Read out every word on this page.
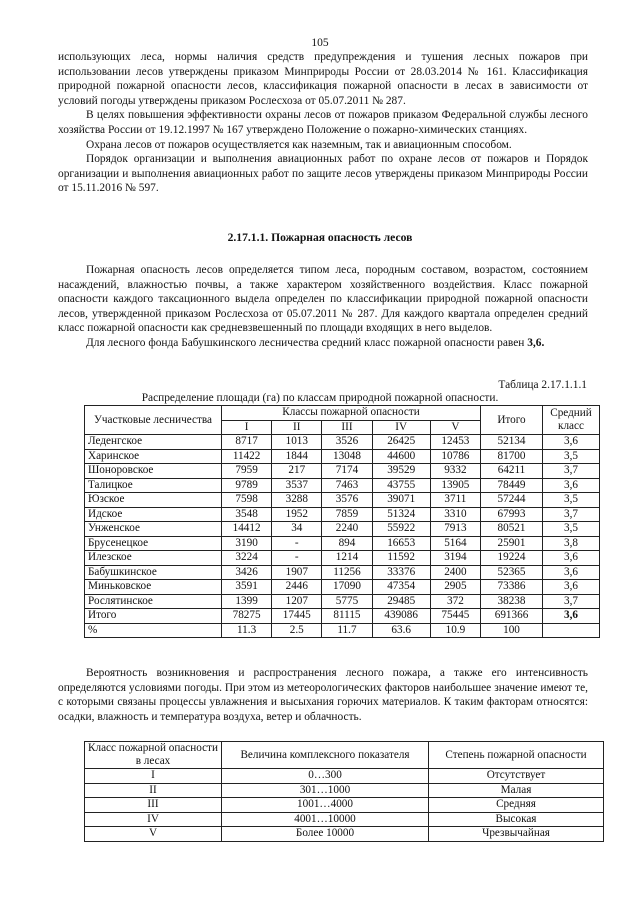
105

использующих леса, нормы наличия средств предупреждения и тушения лесных пожаров при использовании лесов утверждены приказом Минприроды России от 28.03.2014 № 161. Классификация природной пожарной опасности лесов, классификация пожарной опасности в лесах в зависимости от условий погоды утверждены приказом Рослесхоза от 05.07.2011 № 287.

В целях повышения эффективности охраны лесов от пожаров приказом Федеральной службы лесного хозяйства России от 19.12.1997 № 167 утверждено Положение о пожарно-химических станциях.

Охрана лесов от пожаров осуществляется как наземным, так и авиационным способом.

Порядок организации и выполнения авиационных работ по охране лесов от пожаров и Порядок организации и выполнения авиационных работ по защите лесов утверждены приказом Минприроды России от 15.11.2016 № 597.

2.17.1.1. Пожарная опасность лесов

Пожарная опасность лесов определяется типом леса, породным составом, возрастом, состоянием насаждений, влажностью почвы, а также характером хозяйственного воздействия. Класс пожарной опасности каждого таксационного выдела определен по классификации природной пожарной опасности лесов, утвержденной приказом Рослесхоза от 05.07.2011 № 287. Для каждого квартала определен средний класс пожарной опасности как средневзвешенный по площади входящих в него выделов.

Для лесного фонда Бабушкинского лесничества средний класс пожарной опасности равен 3,6.

Таблица 2.17.1.1.1
Распределение площади (га) по классам природной пожарной опасности.
Участковые лесничества	Классы пожарной опасности					Итого	Средний класс
	I	II	III	IV	V		
Леденгское	8717	1013	3526	26425	12453	52134	3,6
Харинское	11422	1844	13048	44600	10786	81700	3,5
Шоноровское	7959	217	7174	39529	9332	64211	3,7
Талицкое	9789	3537	7463	43755	13905	78449	3,6
Юзское	7598	3288	3576	39071	3711	57244	3,5
Идское	3548	1952	7859	51324	3310	67993	3,7
Унженское	14412	34	2240	55922	7913	80521	3,5
Брусенецкое	3190	-	894	16653	5164	25901	3,8
Илезское	3224	-	1214	11592	3194	19224	3,6
Бабушкинское	3426	1907	11256	33376	2400	52365	3,6
Миньковское	3591	2446	17090	47354	2905	73386	3,6
Рослятинское	1399	1207	5775	29485	372	38238	3,7
Итого	78275	17445	81115	439086	75445	691366	3,6
%	11.3	2.5	11.7	63.6	10.9	100	

Вероятность возникновения и распространения лесного пожара, а также его интенсивность определяются условиями погоды. При этом из метеорологических факторов наибольшее значение имеют те, с которыми связаны процессы увлажнения и высыхания горючих материалов. К таким факторам относятся: осадки, влажность и температура воздуха, ветер и облачность.

Класс пожарной опасности в лесах	Величина комплексного показателя	Степень пожарной опасности
I	0…300	Отсутствует
II	301…1000	Малая
III	1001…4000	Средняя
IV	4001…10000	Высокая
V	Более 10000	Чрезвычайная
